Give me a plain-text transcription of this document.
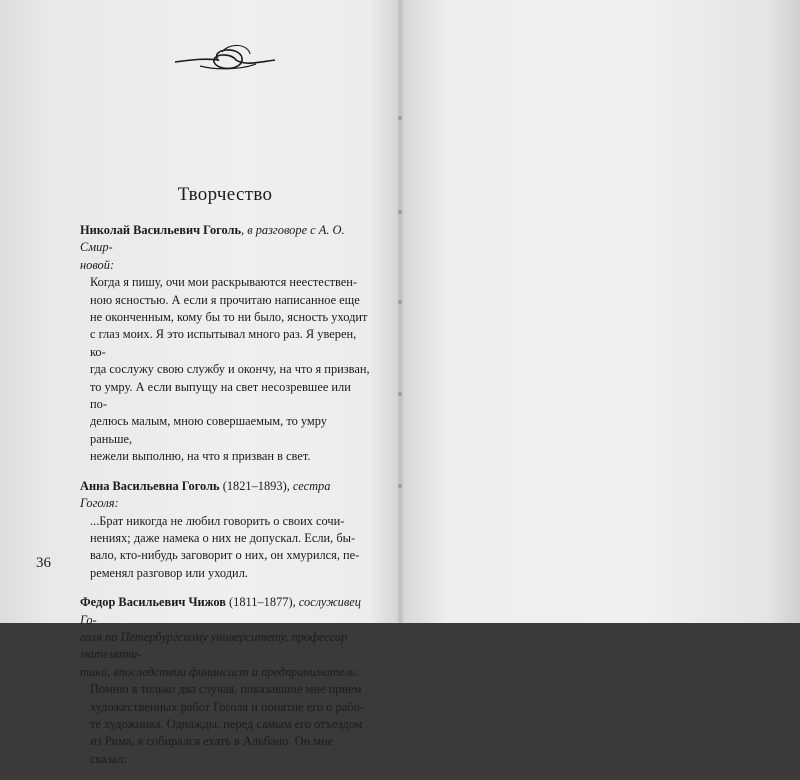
Творчество
Николай Васильевич Гоголь, в разговоре с А. О. Смир-
новой:

Когда я пишу, очи мои раскрываются неестествен-

ною ясностью. А если я прочитаю написанное еще

не оконченным, кому бы то ни было, ясность уходит

с глаз моих. Я это испытывал много раз. Я уверен, ко-

гда сослужу свою службу и окончу, на что я призван,

то умру. А если выпущу на свет несозревшее или по-

делюсь малым, мною совершаемым, то умру раньше,

нежели выполню, на что я призван в свет.

Анна Васильевна Гоголь (1821–1893), сестра Гоголя:

...Брат никогда не любил говорить о своих сочи-

нениях; даже намека о них не допускал. Если, бы-

вало, кто-нибудь заговорит о них, он хмурился, пе-

ременял разговор или уходил.

Федор Васильевич Чижов (1811–1877), сослуживец Го-
голя по Петербургскому университету, профессор математи-
тики, впоследствии финансист и предприниматель:

Помню я только два случая, показавшие мне прием

художественных работ Гоголя и понятие его о рабо-

те художника. Однажды, перед самым его отъездом

из Рима, я собирался ехать в Альбано. Он мне сказал:

36
